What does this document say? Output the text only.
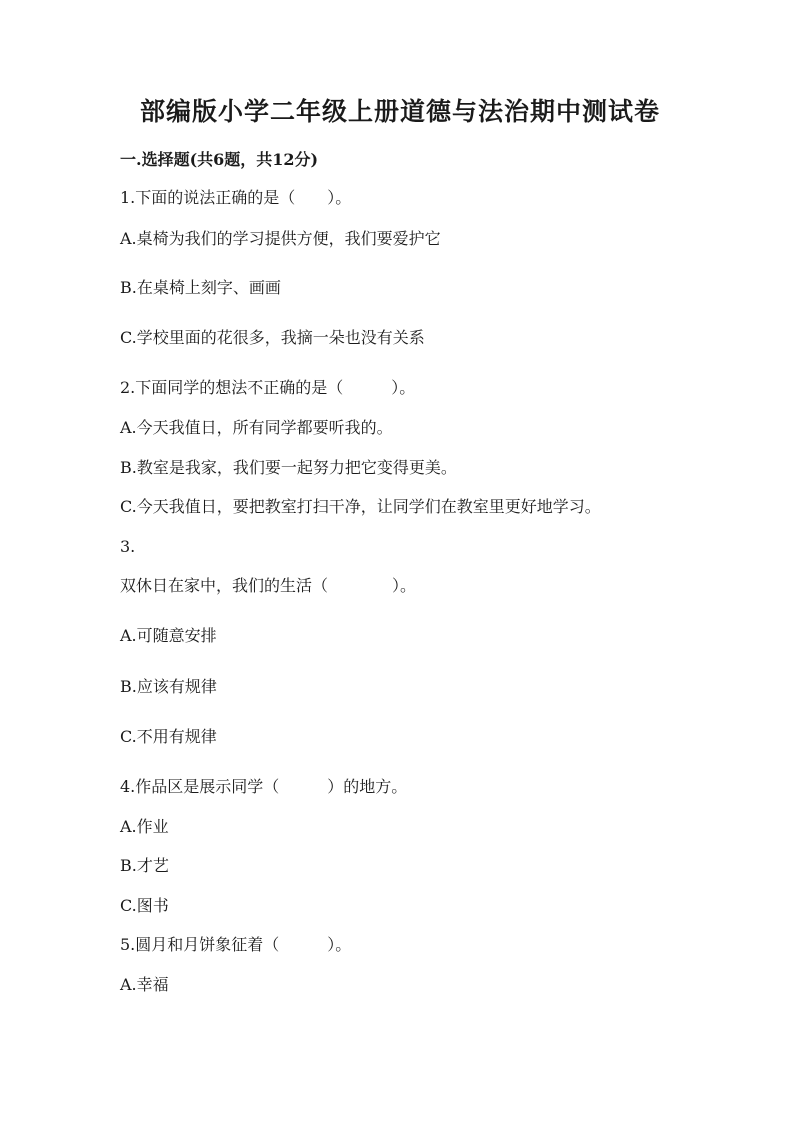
部编版小学二年级上册道德与法治期中测试卷

一.选择题(共6题，共12分)

1.下面的说法正确的是（　　）。

A.桌椅为我们的学习提供方便，我们要爱护它

B.在桌椅上刻字、画画

C.学校里面的花很多，我摘一朵也没有关系

2.下面同学的想法不正确的是（　　　）。

A.今天我值日，所有同学都要听我的。

B.教室是我家，我们要一起努力把它变得更美。

C.今天我值日，要把教室打扫干净，让同学们在教室里更好地学习。

3.

双休日在家中，我们的生活（　　　　）。

A.可随意安排

B.应该有规律

C.不用有规律

4.作品区是展示同学（　　　）的地方。

A.作业

B.才艺

C.图书

5.圆月和月饼象征着（　　　）。

A.幸福
